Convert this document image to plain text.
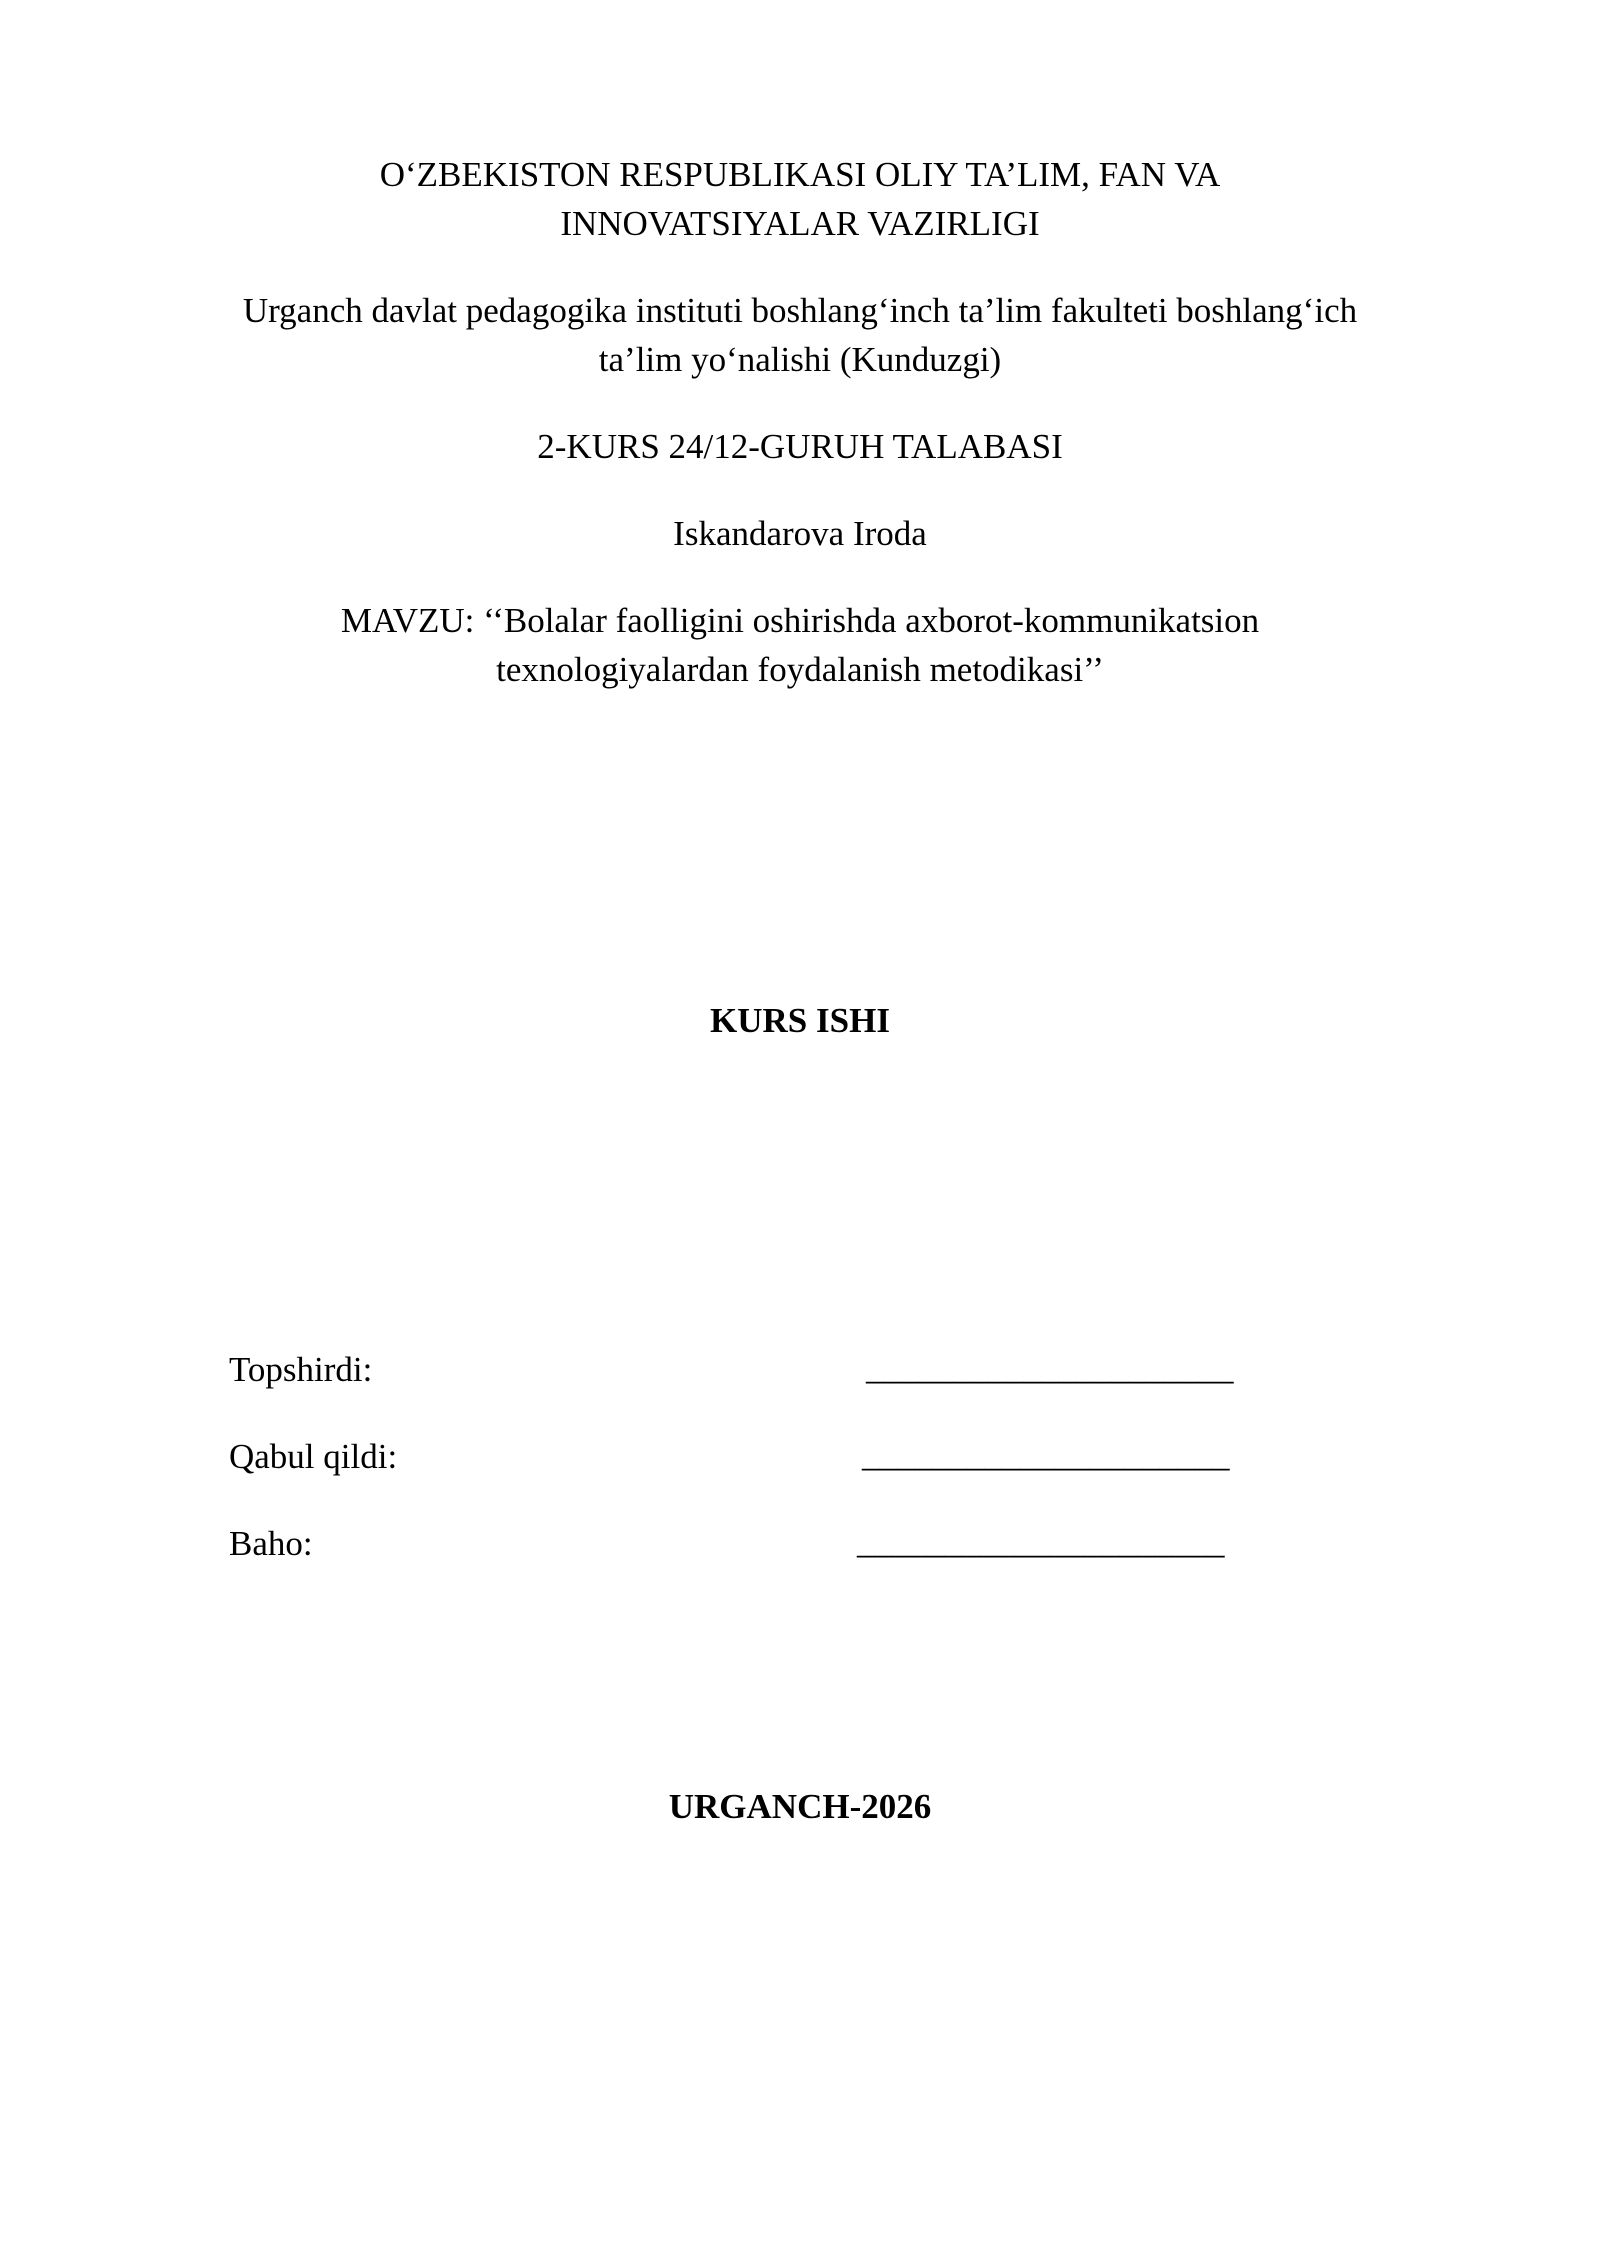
O‘ZBEKISTON RESPUBLIKASI OLIY TA’LIM, FAN VA
INNOVATSIYALAR VAZIRLIGI
Urganch davlat pedagogika instituti boshlang‘inch ta’lim fakulteti boshlang‘ich
ta’lim yo‘nalishi (Kunduzgi)
2-KURS 24/12-GURUH TALABASI
Iskandarova Iroda
MAVZU: ‘‘Bolalar faolligini oshirishda axborot-kommunikatsion
texnologiyalardan foydalanish metodikasi’’
KURS ISHI
Topshirdi:	_____________________
Qabul qildi:	_____________________
Baho:	_____________________
URGANCH-2026
